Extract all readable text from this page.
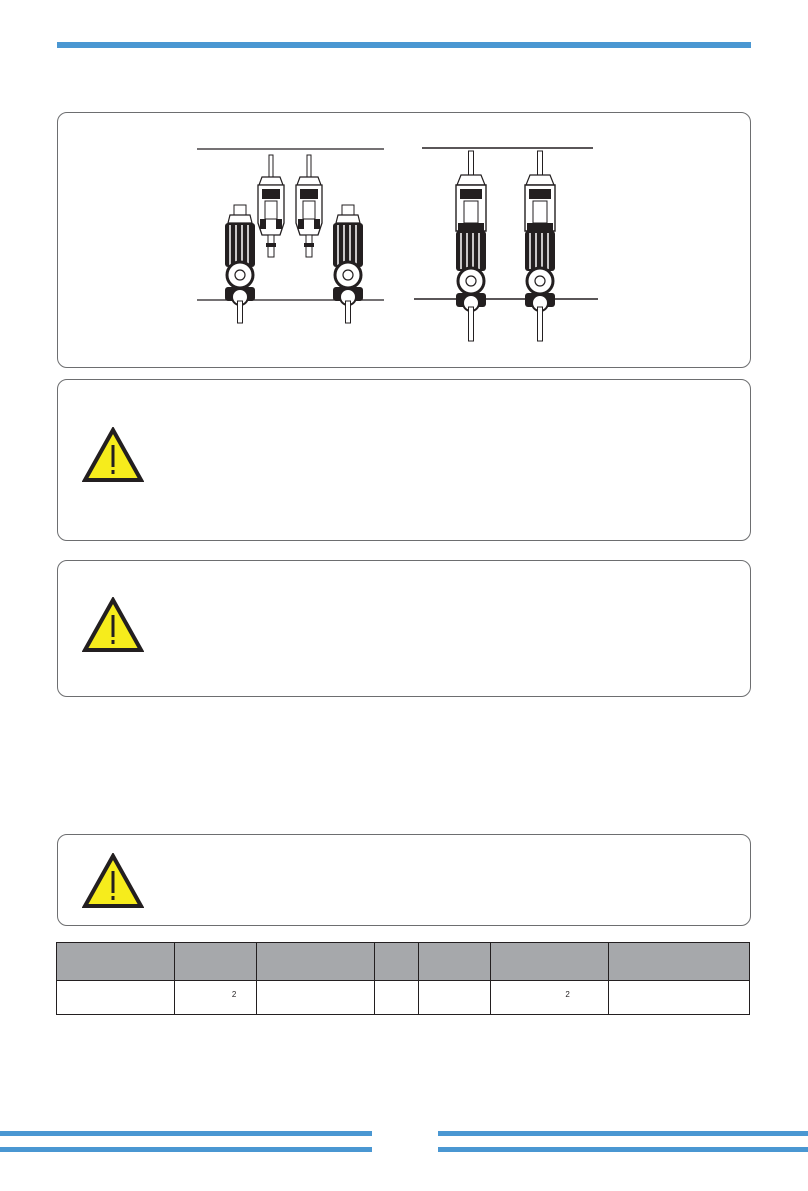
	2				2	
